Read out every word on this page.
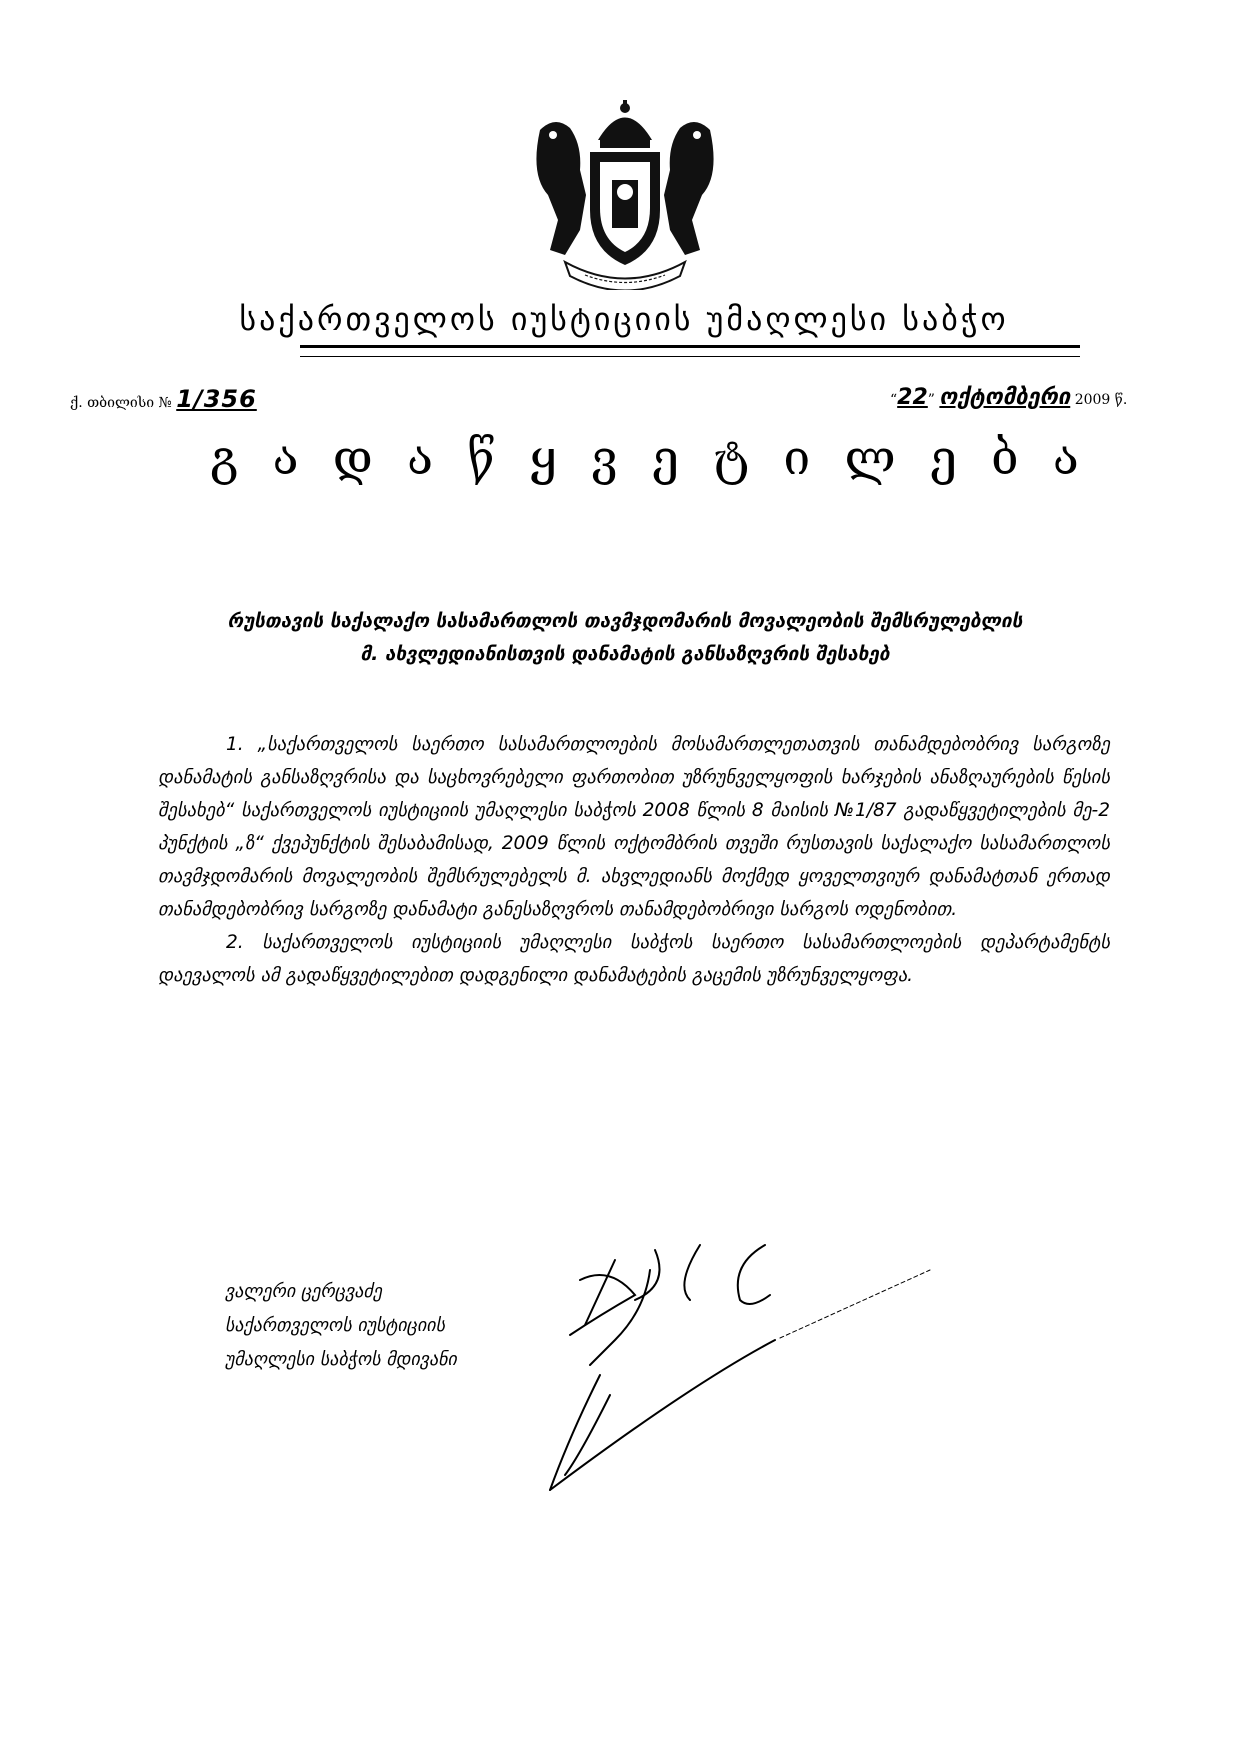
საქართველოს იუსტიციის უმაღლესი საბჭო
ქ. თბილისი № 1/356	“22” ოქტომბერი 2009 წ.
გ ა დ ა წ ყ ვ ე ტ ი ლ ე ბ ა
რუსთავის საქალაქო სასამართლოს თავმჯდომარის მოვალეობის შემსრულებლის
მ. ახვლედიანისთვის დანამატის განსაზღვრის შესახებ

1. „საქართველოს საერთო სასამართლოების მოსამართლეთათვის თანამდებობრივ სარგოზე დანამატის განსაზღვრისა და საცხოვრებელი ფართობით უზრუნველყოფის ხარჯების ანაზღაურების წესის შესახებ“ საქართველოს იუსტიციის უმაღლესი საბჭოს 2008 წლის 8 მაისის №1/87 გადაწყვეტილების მე-2 პუნქტის „ზ“ ქვეპუნქტის შესაბამისად, 2009 წლის ოქტომბრის თვეში რუსთავის საქალაქო სასამართლოს თავმჯდომარის მოვალეობის შემსრულებელს მ. ახვლედიანს მოქმედ ყოველთვიურ დანამატთან ერთად თანამდებობრივ სარგოზე დანამატი განესაზღვროს თანამდებობრივი სარგოს ოდენობით.

2. საქართველოს იუსტიციის უმაღლესი საბჭოს საერთო სასამართლოების დეპარტამენტს დაევალოს ამ გადაწყვეტილებით დადგენილი დანამატების გაცემის უზრუნველყოფა.

ვალერი ცერცვაძე
საქართველოს იუსტიციის
უმაღლესი საბჭოს მდივანი
